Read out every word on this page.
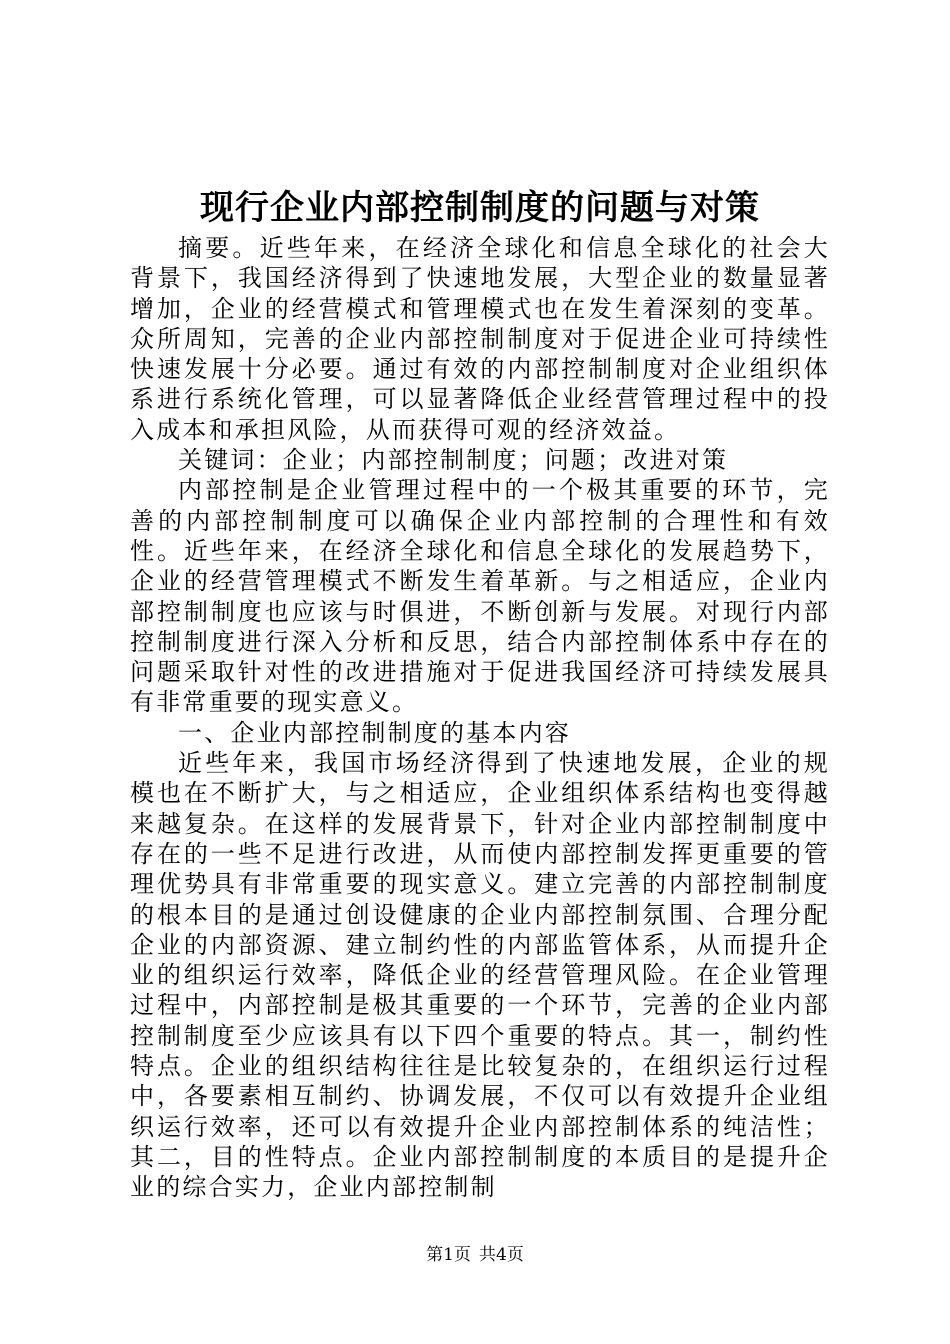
现行企业内部控制制度的问题与对策

摘要。近些年来，在经济全球化和信息全球化的社会大背景下，我国经济得到了快速地发展，大型企业的数量显著增加，企业的经营模式和管理模式也在发生着深刻的变革。众所周知，完善的企业内部控制制度对于促进企业可持续性快速发展十分必要。通过有效的内部控制制度对企业组织体系进行系统化管理，可以显著降低企业经营管理过程中的投入成本和承担风险，从而获得可观的经济效益。

关键词：企业；内部控制制度；问题；改进对策

内部控制是企业管理过程中的一个极其重要的环节，完善的内部控制制度可以确保企业内部控制的合理性和有效性。近些年来，在经济全球化和信息全球化的发展趋势下，企业的经营管理模式不断发生着革新。与之相适应，企业内部控制制度也应该与时俱进，不断创新与发展。对现行内部控制制度进行深入分析和反思，结合内部控制体系中存在的问题采取针对性的改进措施对于促进我国经济可持续发展具有非常重要的现实意义。

一、企业内部控制制度的基本内容

近些年来，我国市场经济得到了快速地发展，企业的规模也在不断扩大，与之相适应，企业组织体系结构也变得越来越复杂。在这样的发展背景下，针对企业内部控制制度中存在的一些不足进行改进，从而使内部控制发挥更重要的管理优势具有非常重要的现实意义。建立完善的内部控制制度的根本目的是通过创设健康的企业内部控制氛围、合理分配企业的内部资源、建立制约性的内部监管体系，从而提升企业的组织运行效率，降低企业的经营管理风险。在企业管理过程中，内部控制是极其重要的一个环节，完善的企业内部控制制度至少应该具有以下四个重要的特点。其一，制约性特点。企业的组织结构往往是比较复杂的，在组织运行过程中，各要素相互制约、协调发展，不仅可以有效提升企业组织运行效率，还可以有效提升企业内部控制体系的纯洁性；其二，目的性特点。企业内部控制制度的本质目的是提升企业的综合实力，企业内部控制制

第1页 共4页
